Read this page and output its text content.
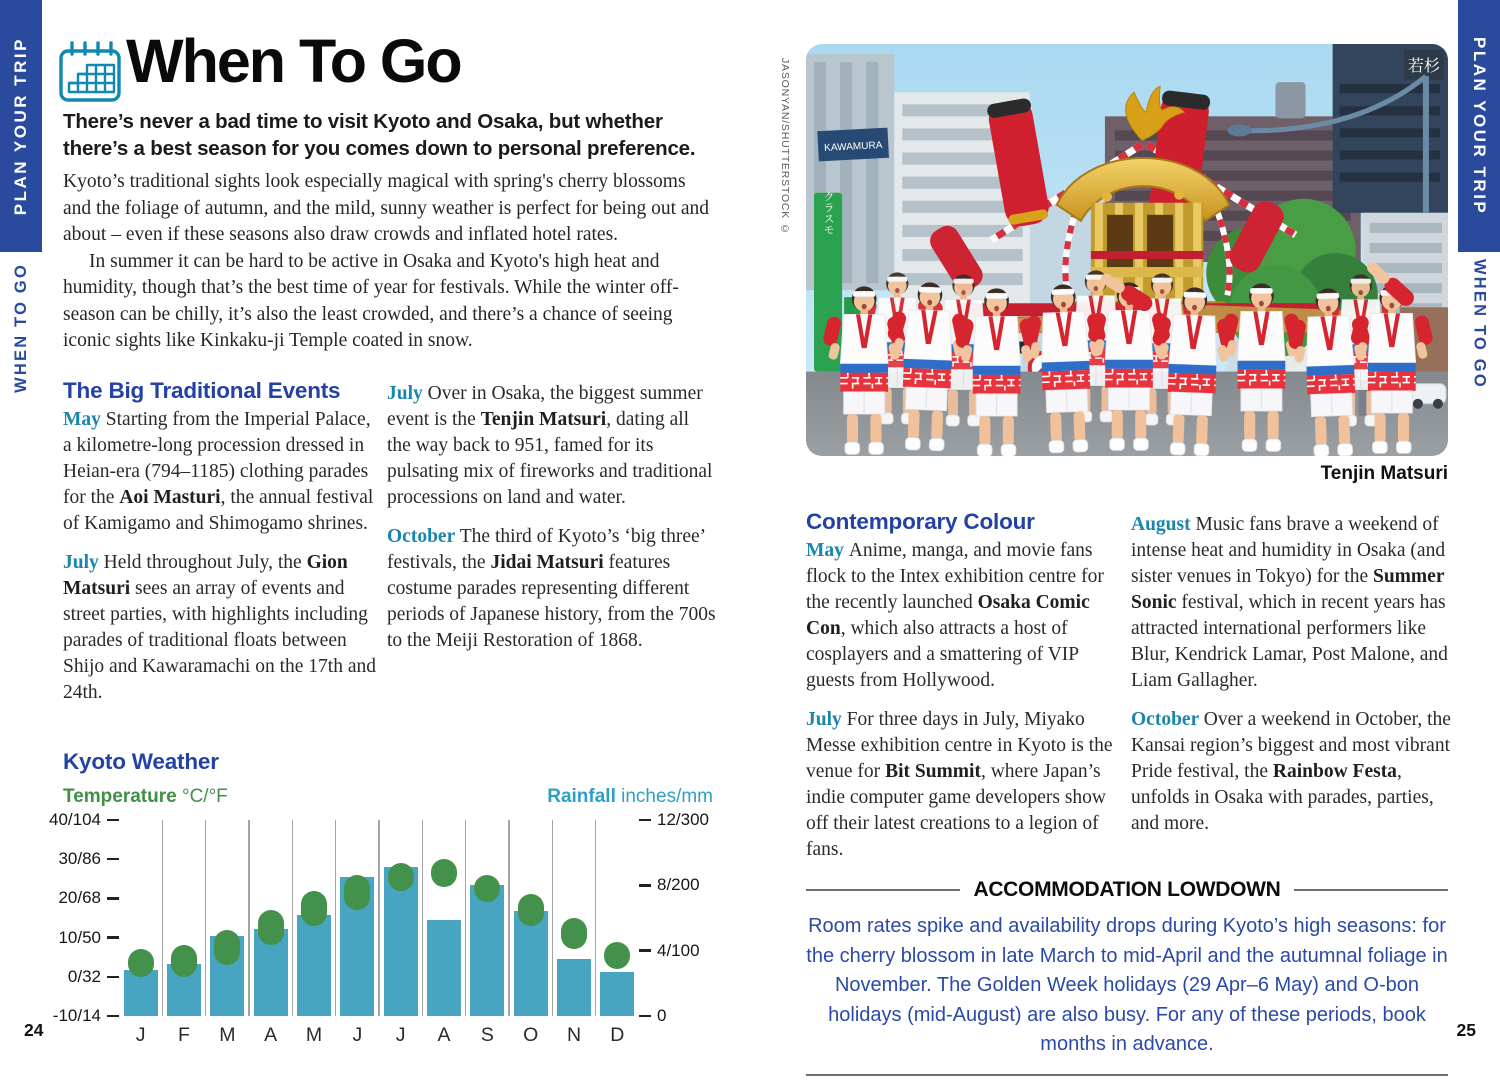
PLAN YOUR TRIP
WHEN TO GO
PLAN YOUR TRIP
WHEN TO GO
24	25
When To Go

There’s never a bad time to visit Kyoto and Osaka, but whether there’s a best season for you comes down to personal preference.

Kyoto’s traditional sights look especially magical with spring's cherry blossoms and the foliage of autumn, and the mild, sunny weather is perfect for being out and about – even if these seasons also draw crowds and inflated hotel rates.

In summer it can be hard to be active in Osaka and Kyoto's high heat and humidity, though that’s the best time of year for festivals. While the winter off-season can be chilly, it’s also the least crowded, and there’s a chance of seeing iconic sights like Kinkaku-ji Temple coated in snow.

The Big Traditional Events

May Starting from the Imperial Palace, a kilometre-long procession dressed in Heian-era (794–1185) clothing parades for the Aoi Masturi, the annual festival of Kamigamo and Shimogamo shrines.

July Held throughout July, the Gion Matsuri sees an array of events and street parties, with highlights including parades of traditional floats between Shijo and Kawaramachi on the 17th and 24th.

July Over in Osaka, the biggest summer event is the Tenjin Matsuri, dating all the way back to 951, famed for its pulsating mix of fireworks and traditional processions on land and water.

October The third of Kyoto’s ‘big three’ festivals, the Jidai Matsuri features costume parades representing different periods of Japanese history, from the 700s to the Meiji Restoration of 1868.

Kyoto Weather
Temperature °C/°F	Rainfall inches/mm
40/104
30/86
20/68
10/50
0/32
-10/14
12/300
8/200
4/100
0
J	F	M	A	M	J	J	A	S	O	N	D
JASONYAN/SHUTTERSTOCK ©	KAWAMURA
クラスモ
若杉
Tenjin Matsuri
Contemporary Colour

May Anime, manga, and movie fans flock to the Intex exhibition centre for the recently launched Osaka Comic Con, which also attracts a host of cosplayers and a smattering of VIP guests from Hollywood.

July For three days in July, Miyako Messe exhibition centre in Kyoto is the venue for Bit Summit, where Japan’s indie computer game developers show off their latest creations to a legion of fans.

August Music fans brave a weekend of intense heat and humidity in Osaka (and sister venues in Tokyo) for the Summer Sonic festival, which in recent years has attracted international performers like Blur, Kendrick Lamar, Post Malone, and Liam Gallagher.

October Over a weekend in October, the Kansai region’s biggest and most vibrant Pride festival, the Rainbow Festa, unfolds in Osaka with parades, parties, and more.

ACCOMMODATION LOWDOWN
Room rates spike and availability drops during Kyoto’s high seasons: for the cherry blossom in late March to mid-April and the autumnal foliage in November. The Golden Week holidays (29 Apr–6 May) and O-bon holidays (mid-August) are also busy. For any of these periods, book months in advance.
